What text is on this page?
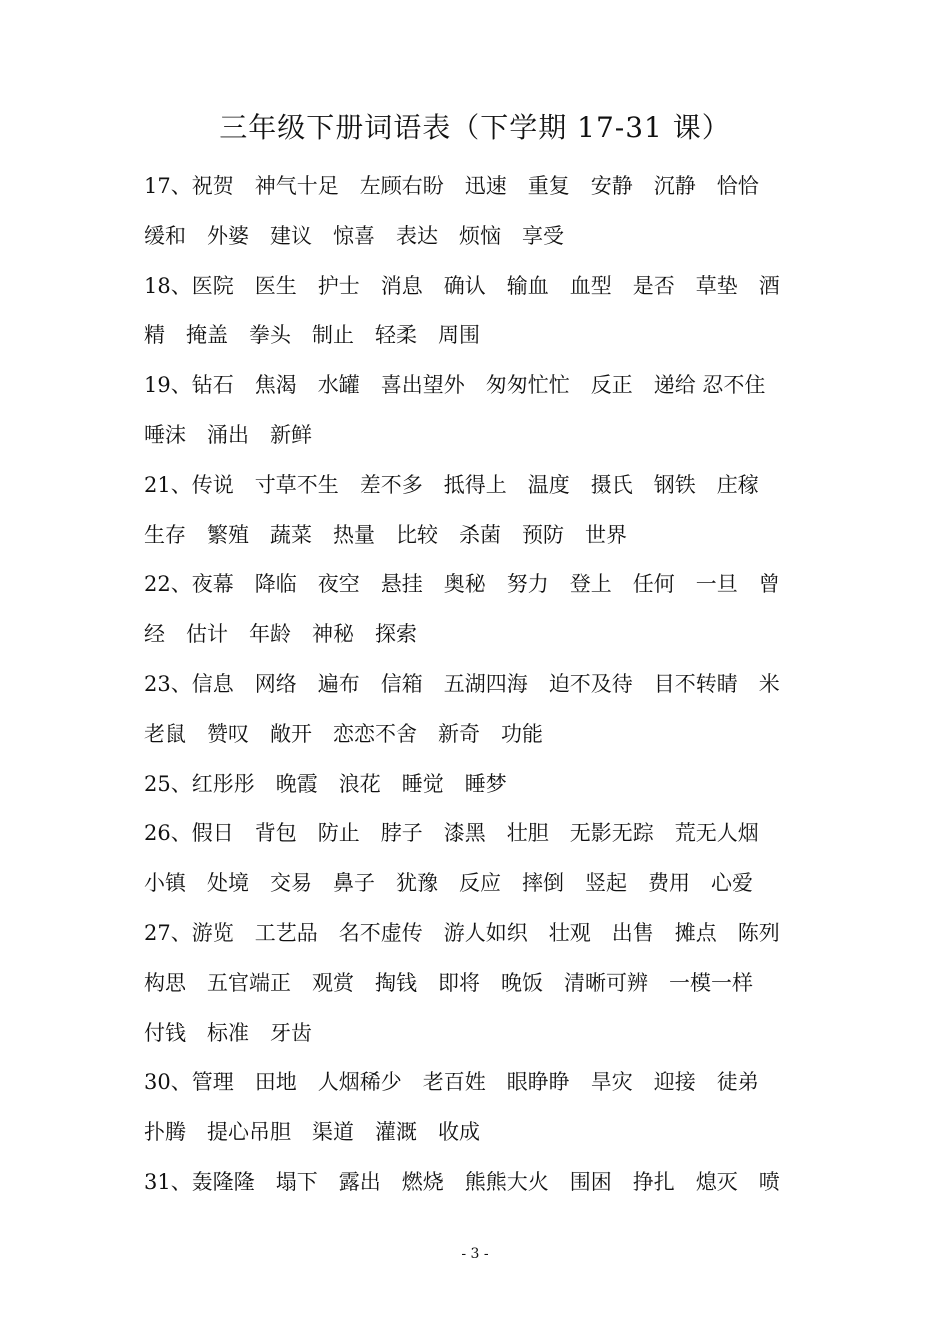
三年级下册词语表（下学期 17-31 课）
17、祝贺　神气十足　左顾右盼　迅速　重复　安静　沉静　恰恰
缓和　外婆　建议　惊喜　表达　烦恼　享受
18、医院　医生　护士　消息　确认　输血　血型　是否　草垫　酒
精　掩盖　拳头　制止　轻柔　周围
19、钻石　焦渴　水罐　喜出望外　匆匆忙忙　反正　递给 忍不住
唾沫　涌出　新鲜
21、传说　寸草不生　差不多　抵得上　温度　摄氏　钢铁　庄稼
生存　繁殖　蔬菜　热量　比较　杀菌　预防　世界
22、夜幕　降临　夜空　悬挂　奥秘　努力　登上　任何　一旦　曾
经　估计　年龄　神秘　探索
23、信息　网络　遍布　信箱　五湖四海　迫不及待　目不转睛　米
老鼠　赞叹　敞开　恋恋不舍　新奇　功能
25、红彤彤　晚霞　浪花　睡觉　睡梦
26、假日　背包　防止　脖子　漆黑　壮胆　无影无踪　荒无人烟
小镇　处境　交易　鼻子　犹豫　反应　摔倒　竖起　费用　心爱
27、游览　工艺品　名不虚传　游人如织　壮观　出售　摊点　陈列
构思　五官端正　观赏　掏钱　即将　晚饭　清晰可辨　一模一样
付钱　标准　牙齿
30、管理　田地　人烟稀少　老百姓　眼睁睁　旱灾　迎接　徒弟
扑腾　提心吊胆　渠道　灌溉　收成
31、轰隆隆　塌下　露出　燃烧　熊熊大火　围困　挣扎　熄灭　喷
- 3 -
